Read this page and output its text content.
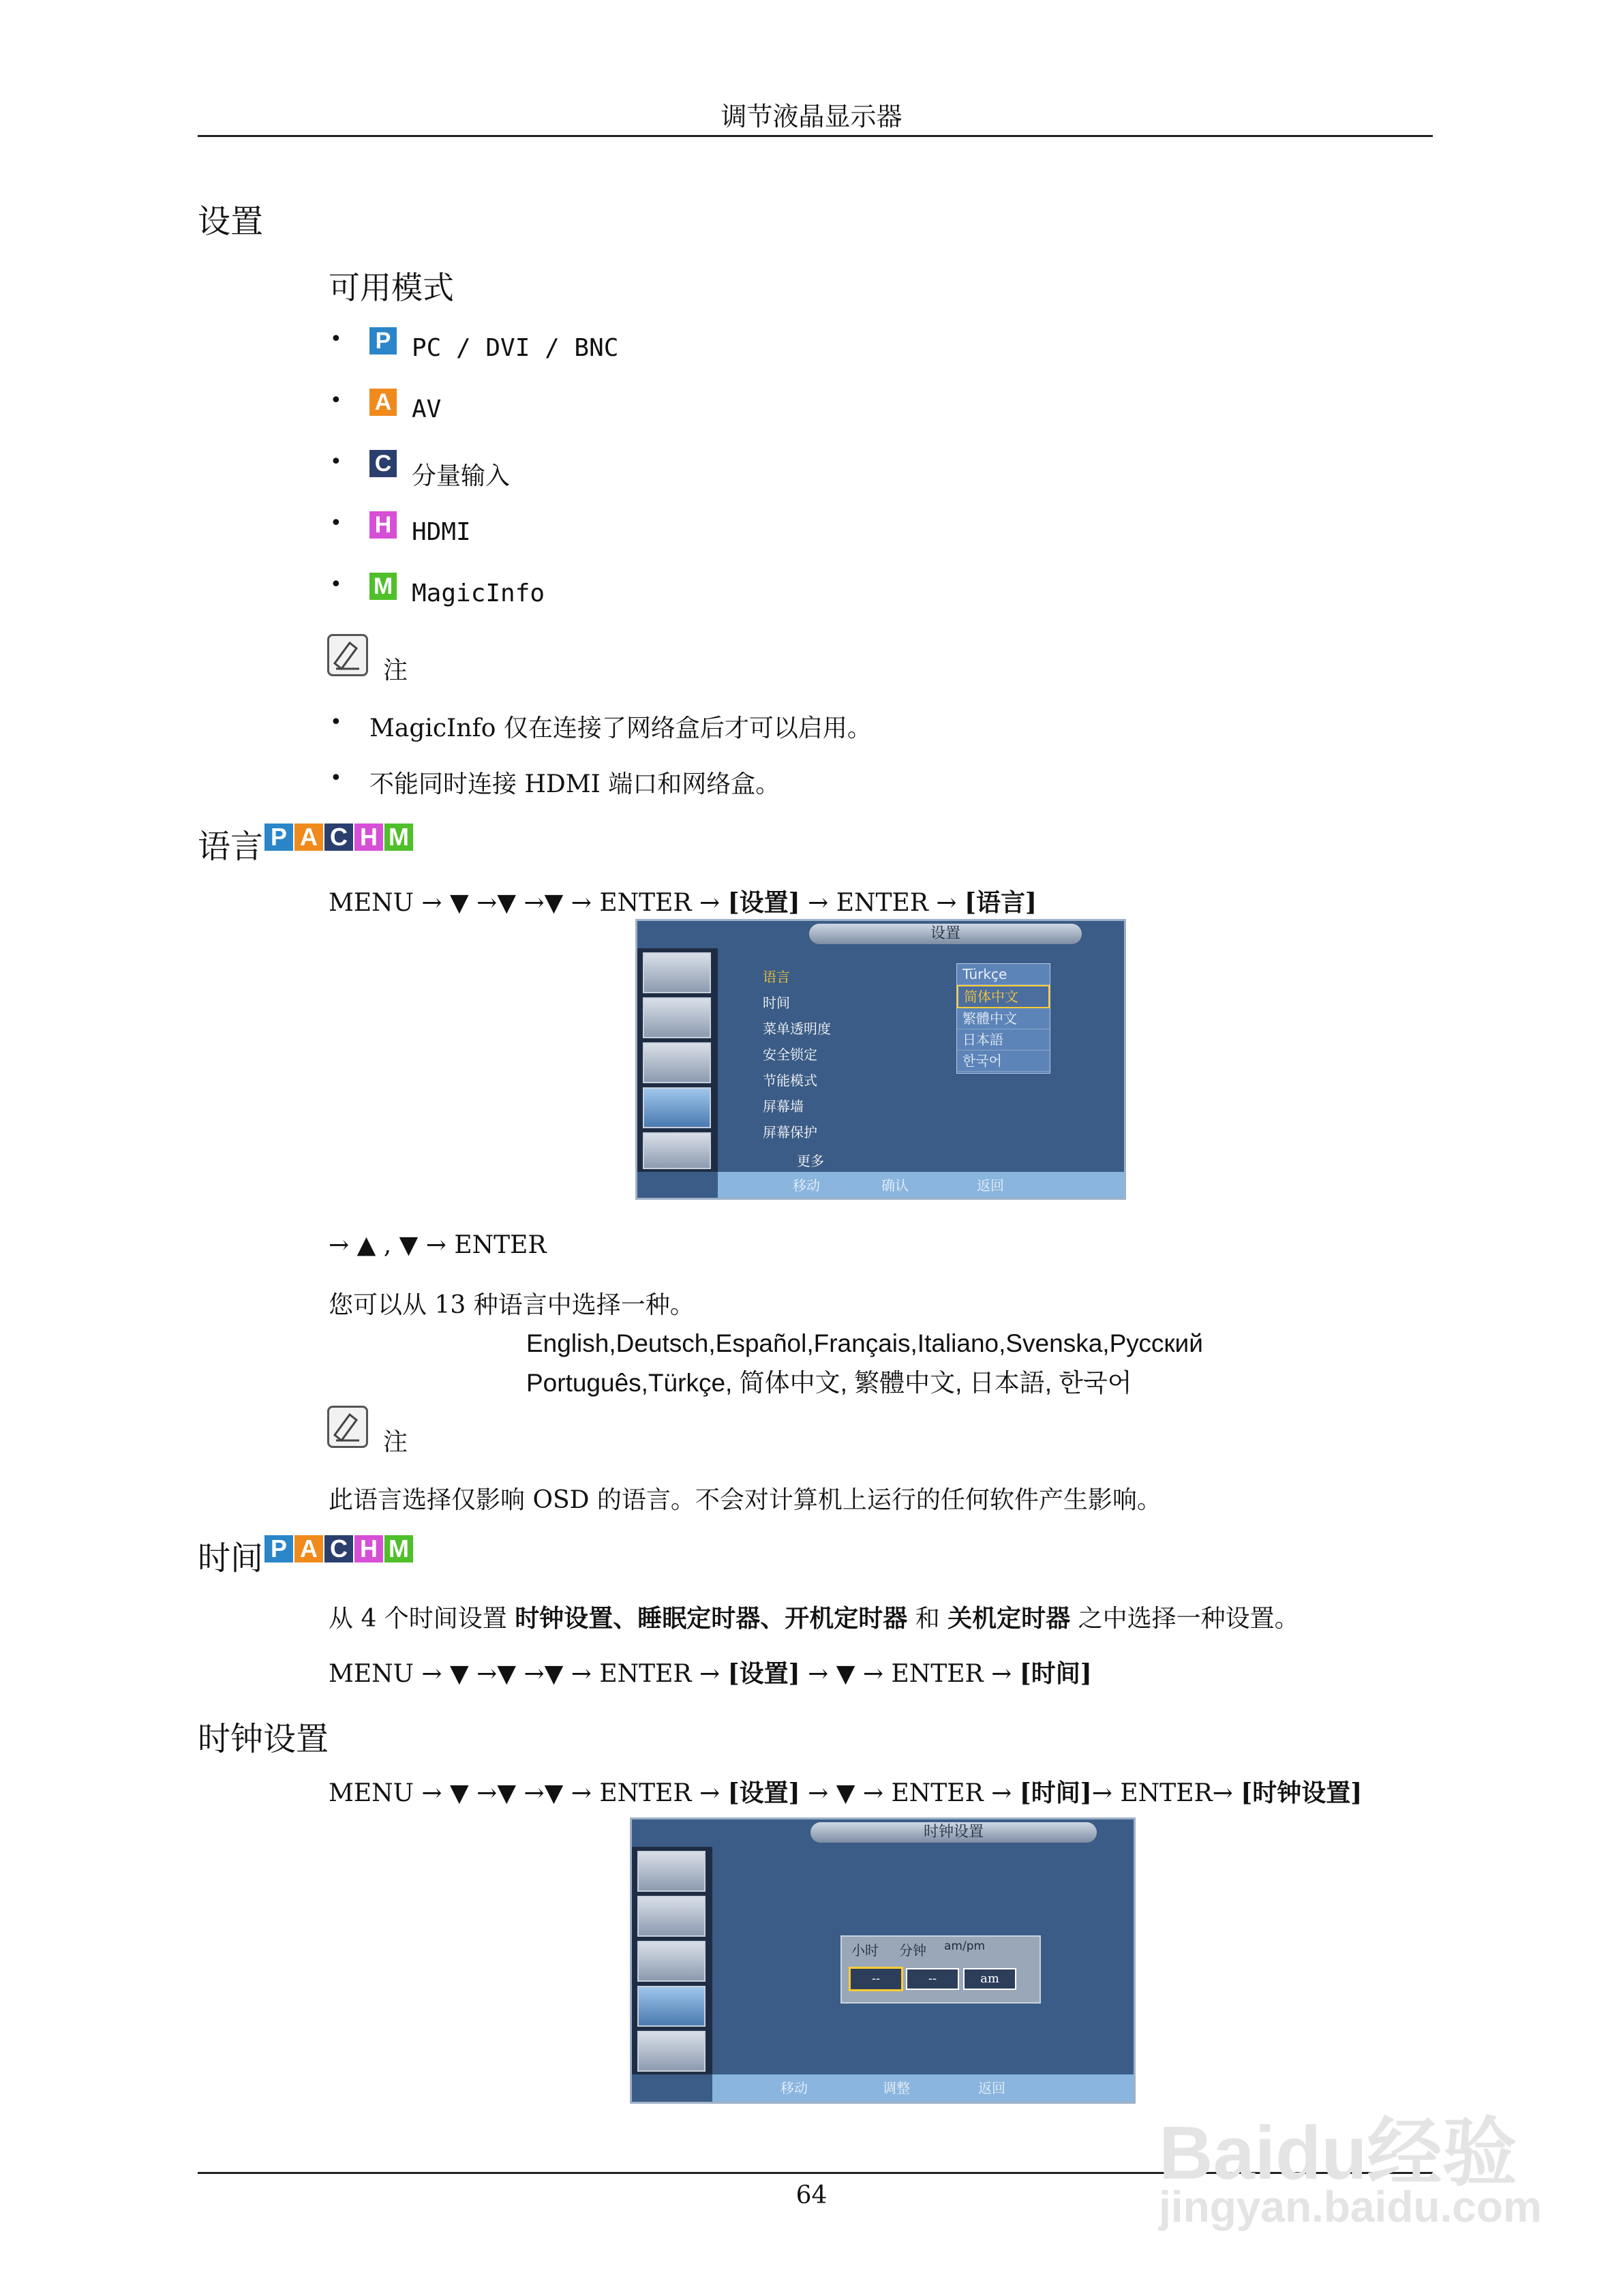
调节液晶显示器
设置
可用模式
• P PC / DVI / BNC
• A AV
• C 分量输入
• H HDMI
• M MagicInfo
注
• MagicInfo 仅在连接了网络盒后才可以启用。
• 不能同时连接 HDMI 端口和网络盒。
语言 P A C H M
MENU → ▼ →▼ →▼ → ENTER → [设置] → ENTER → [语言]
设置
语言
时间
菜单透明度
安全锁定
节能模式
屏幕墙
屏幕保护
更多
Türkçe
简体中文
繁體中文
日本語
한국어
移动	确认	返回
→ ▲ , ▼ → ENTER
您可以从 13 种语言中选择一种。
English,Deutsch,Español,Français,Italiano,Svenska,Русский
Português,Türkçe, 简体中文, 繁體中文, 日本語, 한국어
注
此语言选择仅影响 OSD 的语言。不会对计算机上运行的任何软件产生影响。
时间 P A C H M
从 4 个时间设置 时钟设置、睡眠定时器、开机定时器 和 关机定时器 之中选择一种设置。
MENU → ▼ →▼ →▼ → ENTER → [设置] → ▼ → ENTER → [时间]
时钟设置
MENU → ▼ →▼ →▼ → ENTER → [设置] → ▼ → ENTER → [时间]→ ENTER→ [时钟设置]
时钟设置
小时 分钟 am/pm
--	--	am
移动	调整	返回
64
Baidu经验
jingyan.baidu.com
